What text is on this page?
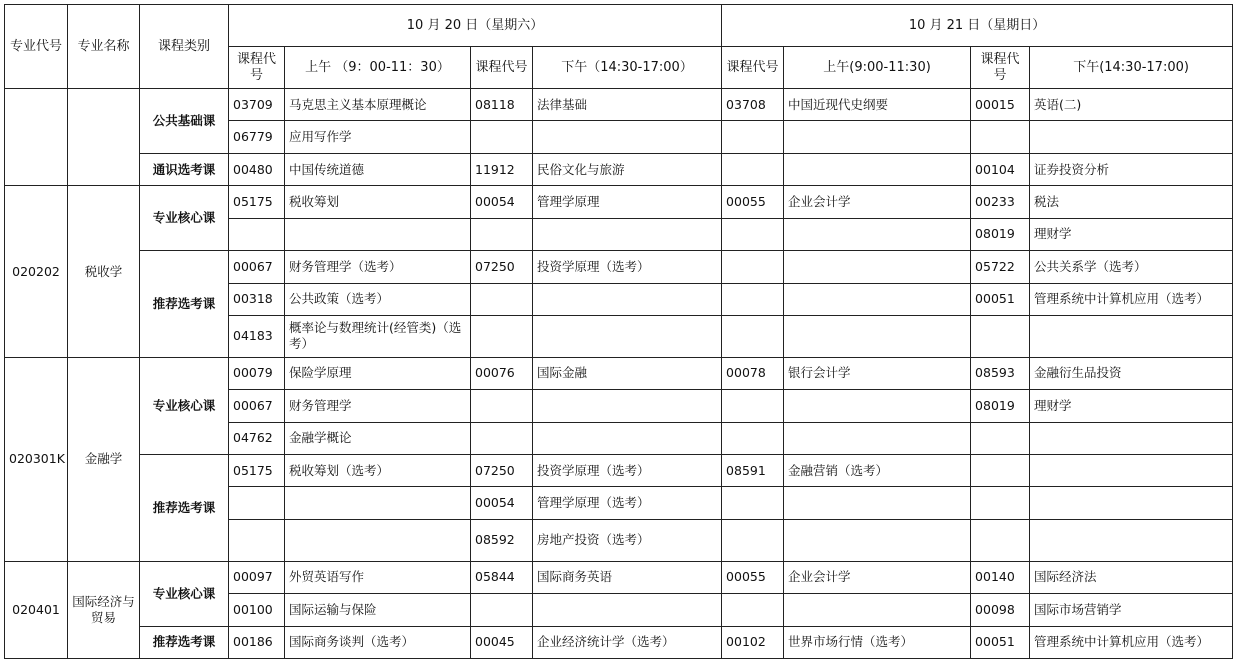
专业代号	专业名称	课程类别	10 月 20 日（星期六）				10 月 21 日（星期日）			
			课程代号	上午 （9：00-11：30）	课程代号	下午（14:30-17:00）	课程代号	上午(9:00-11:30)	课程代号	下午(14:30-17:00)
		公共基础课	03709	马克思主义基本原理概论	08118	法律基础	03708	中国近现代史纲要	00015	英语(二)
			06779	应用写作学						
		通识选考课	00480	中国传统道德	11912	民俗文化与旅游			00104	证券投资分析
020202	税收学	专业核心课	05175	税收筹划	00054	管理学原理	00055	企业会计学	00233	税法
									08019	理财学
		推荐选考课	00067	财务管理学（选考）	07250	投资学原理（选考）			05722	公共关系学（选考）
			00318	公共政策（选考）					00051	管理系统中计算机应用（选考）
			04183	概率论与数理统计(经管类)（选考）						
020301K	金融学	专业核心课	00079	保险学原理	00076	国际金融	00078	银行会计学	08593	金融衍生品投资
			00067	财务管理学					08019	理财学
			04762	金融学概论						
		推荐选考课	05175	税收筹划（选考）	07250	投资学原理（选考）	08591	金融营销（选考）		
					00054	管理学原理（选考）				
					08592	房地产投资（选考）				
020401	国际经济与贸易	专业核心课	00097	外贸英语写作	05844	国际商务英语	00055	企业会计学	00140	国际经济法
			00100	国际运输与保险					00098	国际市场营销学
		推荐选考课	00186	国际商务谈判（选考）	00045	企业经济统计学（选考）	00102	世界市场行情（选考）	00051	管理系统中计算机应用（选考）
